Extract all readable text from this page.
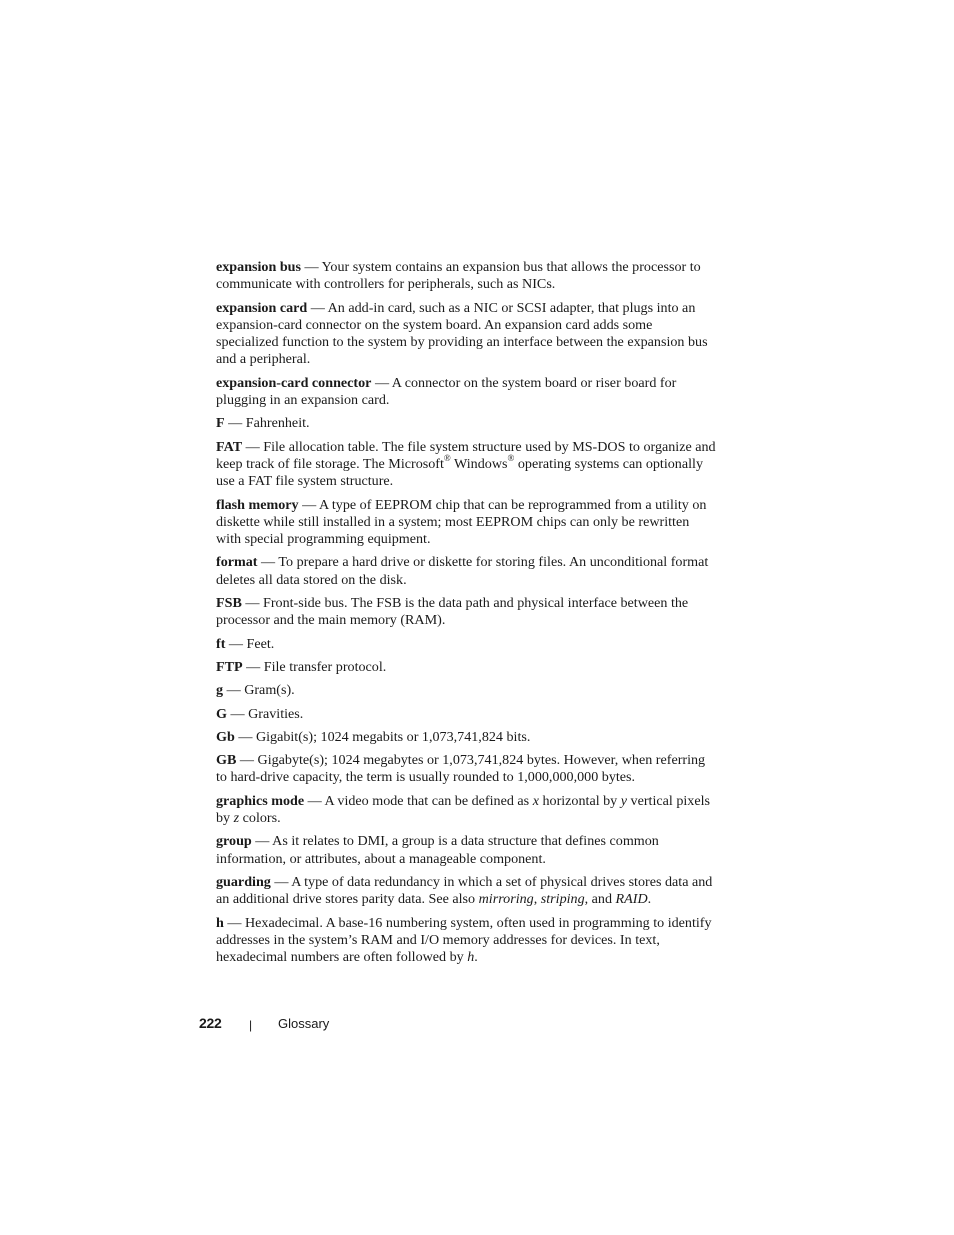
expansion bus — Your system contains an expansion bus that allows the processor to communicate with controllers for peripherals, such as NICs.

expansion card — An add-in card, such as a NIC or SCSI adapter, that plugs into an expansion-card connector on the system board. An expansion card adds some specialized function to the system by providing an interface between the expansion bus and a peripheral.

expansion-card connector — A connector on the system board or riser board for plugging in an expansion card.

F — Fahrenheit.

FAT — File allocation table. The file system structure used by MS-DOS to organize and keep track of file storage. The Microsoft® Windows® operating systems can optionally use a FAT file system structure.

flash memory — A type of EEPROM chip that can be reprogrammed from a utility on diskette while still installed in a system; most EEPROM chips can only be rewritten with special programming equipment.

format — To prepare a hard drive or diskette for storing files. An unconditional format deletes all data stored on the disk.

FSB — Front-side bus. The FSB is the data path and physical interface between the processor and the main memory (RAM).

ft — Feet.

FTP — File transfer protocol.

g — Gram(s).

G — Gravities.

Gb — Gigabit(s); 1024 megabits or 1,073,741,824 bits.

GB — Gigabyte(s); 1024 megabytes or 1,073,741,824 bytes. However, when referring to hard-drive capacity, the term is usually rounded to 1,000,000,000 bytes.

graphics mode — A video mode that can be defined as x horizontal by y vertical pixels by z colors.

group — As it relates to DMI, a group is a data structure that defines common information, or attributes, about a manageable component.

guarding — A type of data redundancy in which a set of physical drives stores data and an additional drive stores parity data. See also mirroring, striping, and RAID.

h — Hexadecimal. A base-16 numbering system, often used in programming to identify addresses in the system’s RAM and I/O memory addresses for devices. In text, hexadecimal numbers are often followed by h.

222 | Glossary
